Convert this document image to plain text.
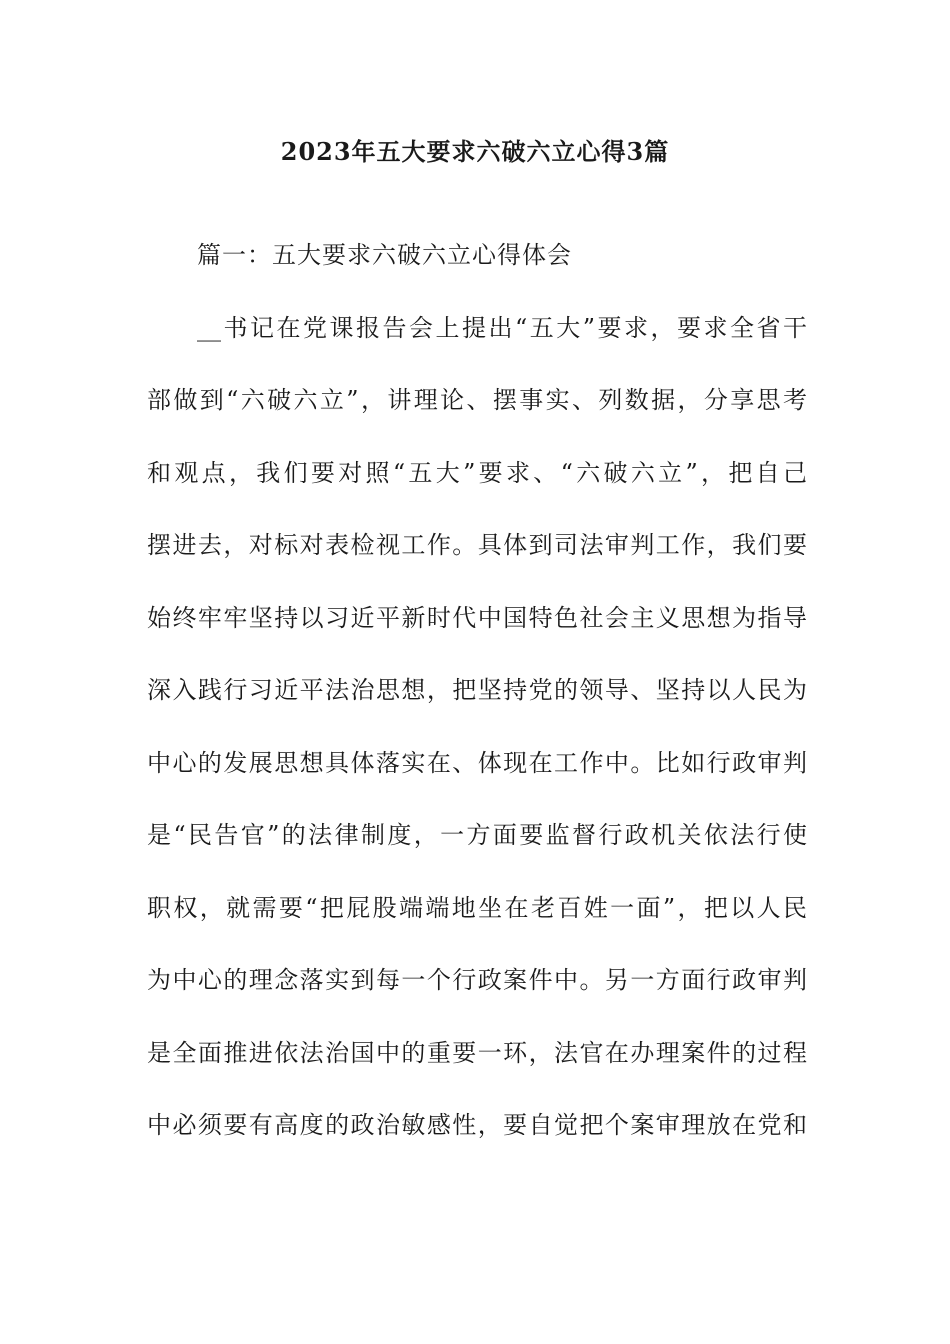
2023年五大要求六破六立心得3篇
篇一：五大要求六破六立心得体会
__书记在党课报告会上提出“五大”要求，要求全省干
部做到“六破六立”，讲理论、摆事实、列数据，分享思考
和观点，我们要对照“五大”要求、“六破六立”，把自己
摆进去，对标对表检视工作。具体到司法审判工作，我们要
始终牢牢坚持以习近平新时代中国特色社会主义思想为指导
深入践行习近平法治思想，把坚持党的领导、坚持以人民为
中心的发展思想具体落实在、体现在工作中。比如行政审判
是“民告官”的法律制度，一方面要监督行政机关依法行使
职权，就需要“把屁股端端地坐在老百姓一面”，把以人民
为中心的理念落实到每一个行政案件中。另一方面行政审判
是全面推进依法治国中的重要一环，法官在办理案件的过程
中必须要有高度的政治敏感性，要自觉把个案审理放在党和
